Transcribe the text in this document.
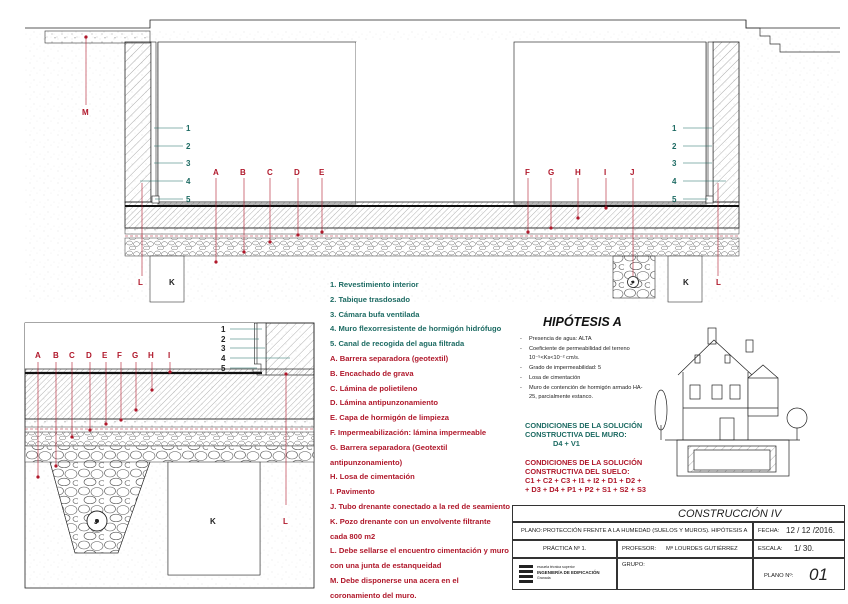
M
1
2
3
4
5
1
2
3
4
5
A	B	C	D E	F G	H	I	J
L	L
K	K
J
1
2
3
4
5
A B C D E F G H I
J	K	L
1. Revestimiento interior
2. Tabique trasdosado
3. Cámara bufa ventilada
4. Muro flexorresistente de hormigón hidrófugo
5. Canal de recogida del agua filtrada
A. Barrera separadora (geotextil)
B. Encachado de grava
C. Lámina de polietileno
D. Lámina antipunzonamiento
E. Capa de hormigón de limpieza
F. Impermeabilización: lámina impermeable
G. Barrera separadora (Geotextil antipunzonamiento)
H. Losa de cimentación
I. Pavimento
J. Tubo drenante conectado a la red de seamiento
K. Pozo drenante con un envolvente filtrante cada 800 m2
L. Debe sellarse el encuentro cimentación y muro con una junta de estanqueidad
M. Debe disponerse una acera en el coronamiento del muro.
HIPÓTESIS A
- Presencia de agua: ALTA
- Coeficiente de permeabilidad del terreno 10⁻⁵<Ks<10⁻² cm/s.
- Grado de impermeabilidad: 5
- Losa de cimentación
- Muro de contención de hormigón armado HA-25, parcialmente estanco.
CONDICIONES DE LA SOLUCIÓN
CONSTRUCTIVA DEL MURO:
D4 + V1
CONDICIONES DE LA SOLUCIÓN
CONSTRUCTIVA DEL SUELO:
C1 + C2 + C3 + I1 + I2 + D1 + D2 +
+ D3 + D4 + P1 + P2 + S1 + S2 + S3
CONSTRUCCIÓN IV
PLANO: PROTECCIÓN FRENTE A LA HUMEDAD (SUELOS Y MUROS). HIPÓTESIS A FECHA: 12 / 12 /2016.
PRÁCTICA Nº 1.	PROFESOR: Mª LOURDES GUTIÉRREZ	ESCALA: 1/ 30.
escuela técnica superior
INGENIERÍA DE EDIFICACIÓN
Granada
GRUPO:
PLANO Nº: 01
